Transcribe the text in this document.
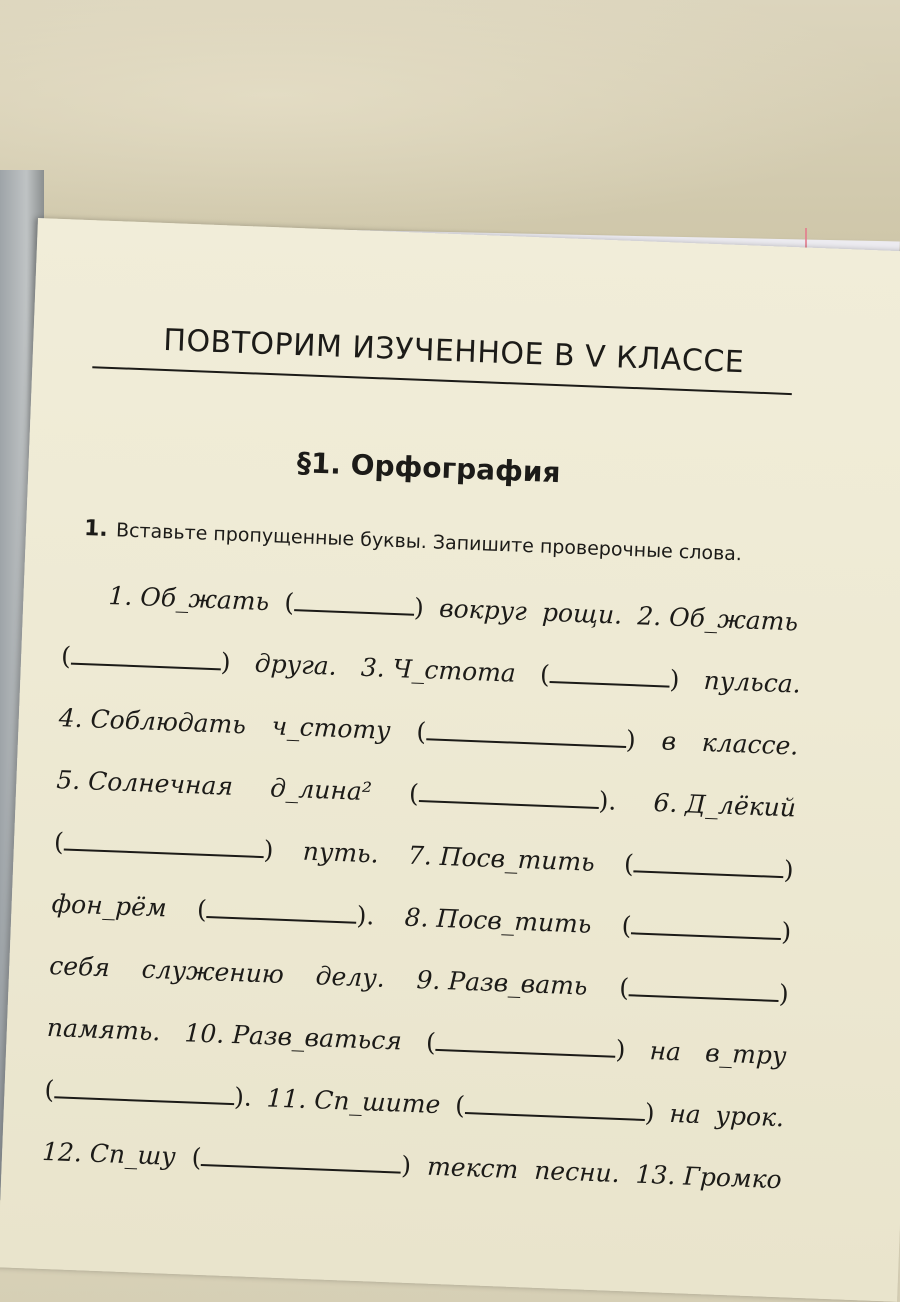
ПОВТОРИМ ИЗУЧЕННОЕ В V КЛАССЕ
§1. Орфография
1. Вставьте пропущенные буквы. Запишите проверочные слова.
1. Об_жать (	) вокруг рощи. 2. Об_жать
(	) друга. 3. Ч_стота (	) пульса.
4. Соблюдать ч_стоту (	) в классе.
5. Солнечная д_лина² (	). 6. Д_лёкий
(	) путь. 7. Посв_тить (	)
фон_рём (	). 8. Посв_тить (	)
себя служению делу. 9. Разв_вать (	)
память. 10. Разв_ваться (	) на в_тру
(	). 11. Сп_шите (	) на урок.
12. Сп_шу (	) текст песни. 13. Громко
